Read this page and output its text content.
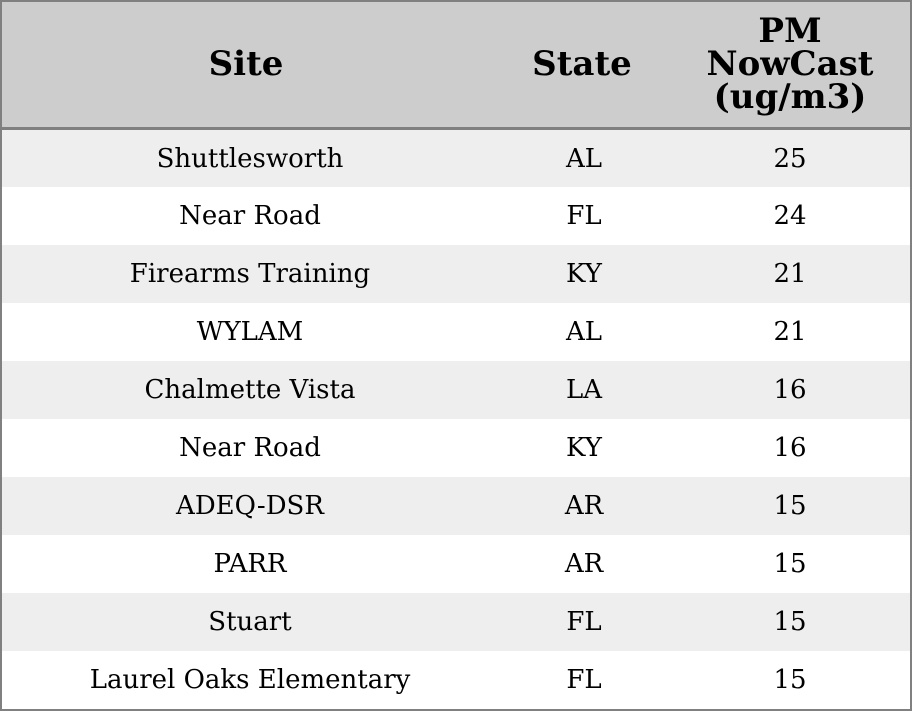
Site	State	PM
NowCast
(ug/m3)

Shuttlesworth	AL	25
Near Road	FL	24
Firearms Training	KY	21
WYLAM	AL	21
Chalmette Vista	LA	16
Near Road	KY	16
ADEQ-DSR	AR	15
PARR	AR	15
Stuart	FL	15
Laurel Oaks Elementary	FL	15
